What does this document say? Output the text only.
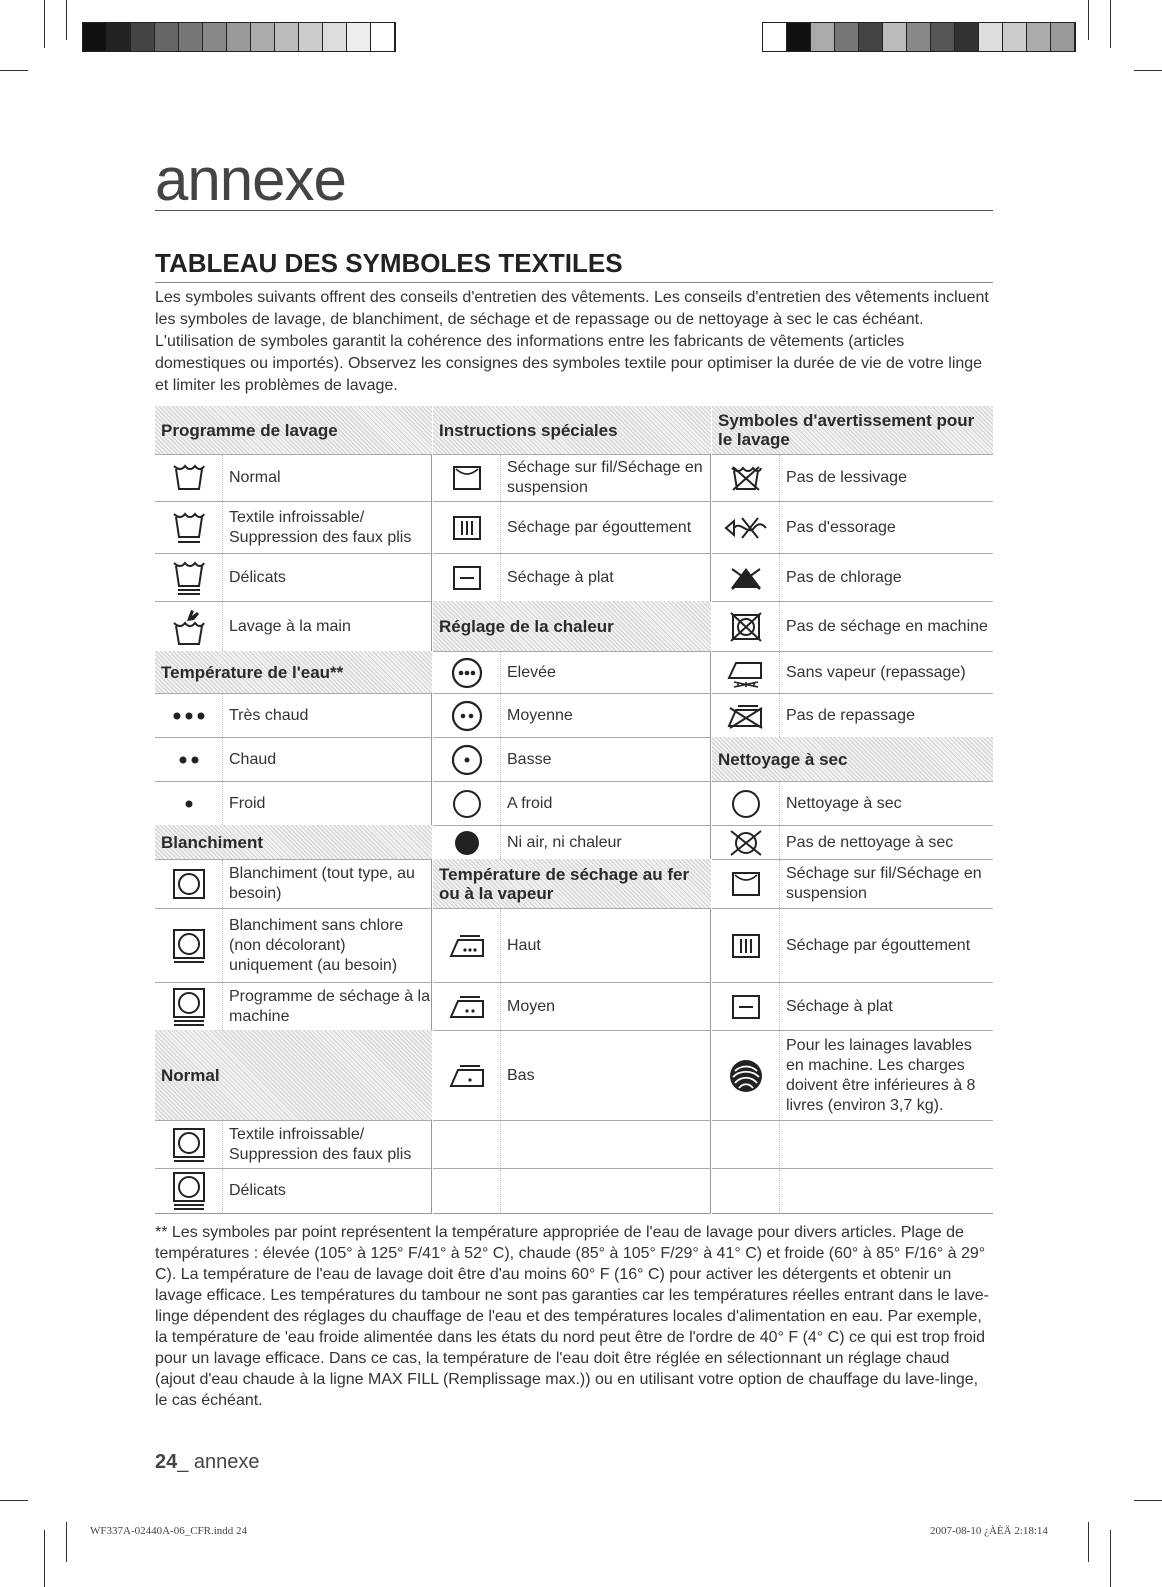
annexe
TABLEAU DES SYMBOLES TEXTILES
Les symboles suivants offrent des conseils d'entretien des vêtements. Les conseils d'entretien des vêtements incluent les symboles de lavage, de blanchiment, de séchage et de repassage ou de nettoyage à sec le cas échéant. L'utilisation de symboles garantit la cohérence des informations entre les fabricants de vêtements (articles domestiques ou importés). Observez les consignes des symboles textile pour optimiser la durée de vie de votre linge et limiter les problèmes de lavage.
Programme de lavage
Normal
Textile infroissable/ Suppression des faux plis
Délicats
Lavage à la main
Température de l'eau**
Très chaud
Chaud
Froid
Blanchiment
Blanchiment (tout type, au besoin)
Blanchiment sans chlore (non décolorant) uniquement (au besoin)
Programme de séchage à la machine
Normal
Textile infroissable/ Suppression des faux plis
Délicats
Instructions spéciales
Séchage sur fil/Séchage en suspension
Séchage par égouttement
Séchage à plat
Réglage de la chaleur
Elevée
Moyenne
Basse
A froid
Ni air, ni chaleur
Température de séchage au fer ou à la vapeur
Haut
Moyen
Bas
Symboles d'avertissement pour le lavage
Pas de lessivage
Pas d'essorage
Pas de chlorage
Pas de séchage en machine
Sans vapeur (repassage)
Pas de repassage
Nettoyage à sec
Nettoyage à sec
Pas de nettoyage à sec
Séchage sur fil/Séchage en suspension
Séchage par égouttement
Séchage à plat
Pour les lainages lavables en machine. Les charges doivent être inférieures à 8 livres (environ 3,7 kg).
** Les symboles par point représentent la température appropriée de l'eau de lavage pour divers articles. Plage de températures : élevée (105° à 125° F/41° à 52° C), chaude (85° à 105° F/29° à 41° C) et froide (60° à 85° F/16° à 29° C). La température de l'eau de lavage doit être d'au moins 60° F (16° C) pour activer les détergents et obtenir un lavage efficace. Les températures du tambour ne sont pas garanties car les températures réelles entrant dans le lave-linge dépendent des réglages du chauffage de l'eau et des températures locales d'alimentation en eau. Par exemple, la température de 'eau froide alimentée dans les états du nord peut être de l'ordre de 40° F (4° C) ce qui est trop froid pour un lavage efficace. Dans ce cas, la température de l'eau doit être réglée en sélectionnant un réglage chaud (ajout d'eau chaude à la ligne MAX FILL (Remplissage max.)) ou en utilisant votre option de chauffage du lave-linge, le cas échéant.
24_ annexe
WF337A-02440A-06_CFR.indd 24	2007-08-10 ¿ÀÈÄ 2:18:14
